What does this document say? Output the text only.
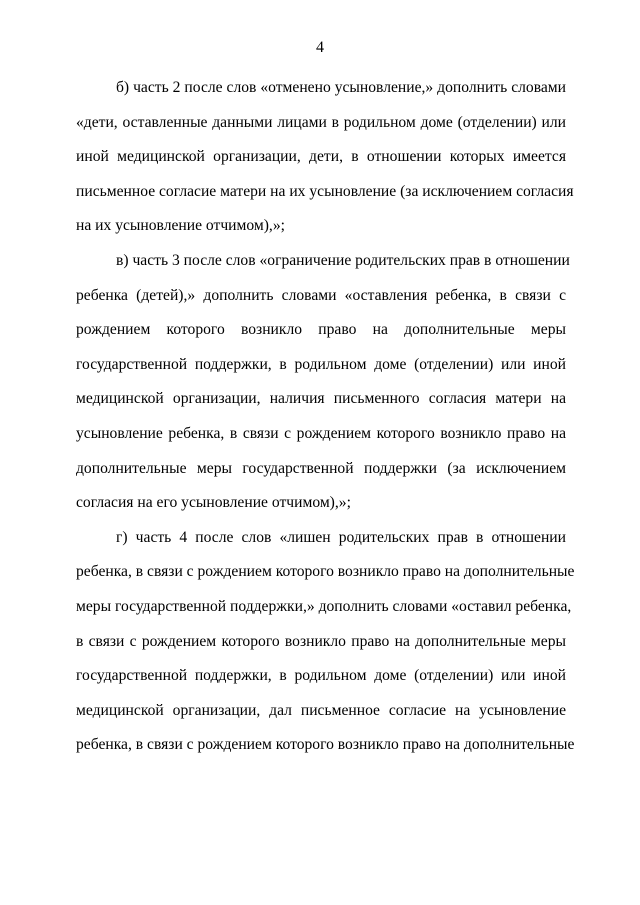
4
б) часть 2 после слов «отменено усыновление,» дополнить словами
«дети, оставленные данными лицами в родильном доме (отделении) или
иной медицинской организации, дети, в отношении которых имеется
письменное согласие матери на их усыновление (за исключением согласия
на их усыновление отчимом),»;
в) часть 3 после слов «ограничение родительских прав в отношении
ребенка (детей),» дополнить словами «оставления ребенка, в связи с
рождением которого возникло право на дополнительные меры
государственной поддержки, в родильном доме (отделении) или иной
медицинской организации, наличия письменного согласия матери на
усыновление ребенка, в связи с рождением которого возникло право на
дополнительные меры государственной поддержки (за исключением
согласия на его усыновление отчимом),»;
г) часть 4 после слов «лишен родительских прав в отношении
ребенка, в связи с рождением которого возникло право на дополнительные
меры государственной поддержки,» дополнить словами «оставил ребенка,
в связи с рождением которого возникло право на дополнительные меры
государственной поддержки, в родильном доме (отделении) или иной
медицинской организации, дал письменное согласие на усыновление
ребенка, в связи с рождением которого возникло право на дополнительные
